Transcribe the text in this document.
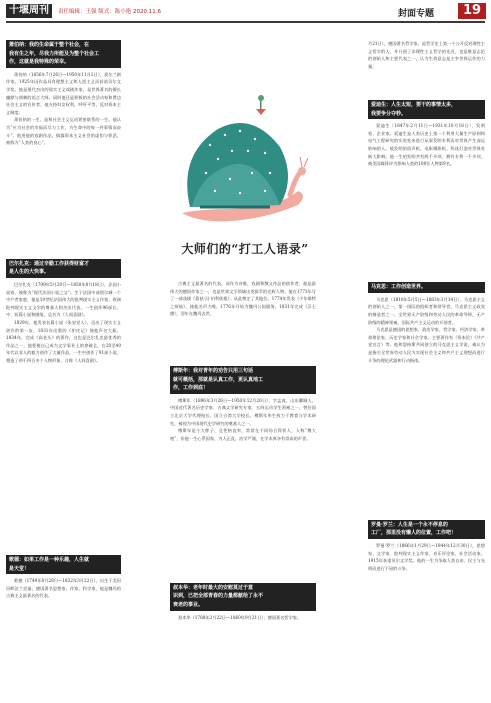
十堰周刊	责任编辑：王强 版式：陈小艳 2020.11.6	封面专题	19
大师们的“打工人语录”
萧伯纳：我的生命属于整个社会，在
我有生之年，尽我力所能及为整个社会工
作，这就是我特殊的荣幸。

萧伯纳（1856年7月26日—1950年11月2日），爱尔兰剧作家。1925年因作品具有理想主义和人道主义而获诺贝尔文学奖。他是现代杰出的现实主义戏剧作家，是世界著名的擅长幽默与讽刺的语言大师。同时他还是积极的社会活动家和费边社会主义的宣传者。他支持妇女权利，呼吁平等，反对资本主义制度。

萧伯纳的一生，是和社会主义运动紧密联系的一生。他认为“应为社会的幸福而尽力工作，为生命中的每一件事情而奋斗”。他用他的戏剧作品，揭露资本主义社会的虚伪与罪恶，被称为“人类的良心”。

巴尔扎克：通过辛勤工作获得财富才
是人生的大快事。

巴尔扎克（1799年5月20日—1850年8月18日），法国小说家，被称为“现代法国小说之父”。生于法国中部图尔城一个中产者家庭，他是19世纪法国伟大的批判现实主义作家，欧洲批判现实主义文学的奠基人和杰出代表。一生创作96部长、中、短篇小说和随笔，总名为《人间喜剧》。

1829年，他发表长篇小说《朱安党人》，迈出了现实主义创作的第一步，1831年出版的《驴皮记》使他声名大振。1834年，完成《高老头》的著作，这也是巴尔扎克最优秀的作品之一。他要使自己成为文学事业上的拿破仑，在20至40年代以非人的毅力创作了大量作品，一生中创作了91部小说，塑造了两千四百多个人物形象，合称《人间喜剧》。

歌德：如果工作是一种乐趣，人生就
是天堂！

歌德（1749年8月28日—1832年3月22日），出生于美因河畔法兰克福，德国著名思想家、作家、科学家，他是魏玛的古典主义最著名的代表。

古典主义最著名的代表。而作为诗歌、戏剧和散文作品的创作者，他是最伟大的德国作家之一，也是世界文学领域出类拔萃的光辉人物。他在1773年写了一部戏剧《葛兹·冯·伯利欣根》，从此奠定了其地位。1774年发表《少年维特之烦恼》，使他名声大噪。1776年开始为魏玛公国服务。1831年完成《浮士德》，翌年在魏玛去世。

傅斯年：我对青年的劝告只用三句话
就可概括，那就是认真工作，更认真地工
作，工作到底！

傅斯年（1896年3月26日—1950年12月20日），字孟真，山东聊城人，中国近代著名历史学家、古典文学研究专家、五四运动学生领袖之一。曾任国立北京大学代理校长、国立台湾大学校长。傅斯年毕生致力于教育与学术研究，被视为中国现代史学研究的奠基人之一。

傅斯年是个大胖子，且性格直率，常常在不同场合得罪人，人称“傅大炮”，但他一生心系国家，为人正直，治学严谨，在学术界享有崇高的声誉。

叔本华：老年时最大的安慰莫过于意
识到，已把全部青春的力量都献给了永不
衰老的事业。

叔本华（1788年2月22日—1860年9月21日），德国著名哲学家。

月21日），德国著名哲学家。是哲学史上第一个公开反对理性主义哲学的人，并开创了非理性主义哲学的先河，也是唯意志论的创始人和主要代表之一，认为生命意志是主宰世界运作的力量。

爱迪生：人生太短，要干的事情太多，
我要争分夺秒。

爱迪生（1847年2月11日—1931年10月18日），发明家、企业家。爱迪生是人类历史上第一个利用大量生产原则和电气工程研究的实验室来进行从事发明专利而对世界产生深远影响的人。他发明的留声机、电影摄影机、钨丝灯泡对世界有极大影响。他一生的发明共有两千多项，拥有专利一千多项，被美国媒体评为影响人类的100位人物第9名。

马克思：工作创造世界。

马克思（1818年5月5日—1883年3月14日），马克思主义的创始人之一，第一国际的组织者和领导者，马克思主义政党的缔造者之一，全世界无产阶级和劳动人民的革命导师，无产阶级的精神领袖，国际共产主义运动的开创者。

马克思是德国的思想家、政治学家、哲学家、经济学家、革命理论家、历史学家和社会学家。主要著作有《资本论》《共产党宣言》等。他和恩格斯共同创立的马克思主义学说，被认为是指引全世界劳动人民为实现社会主义和共产主义理想而进行斗争的理论武器和行动指南。

罗曼·罗兰：人生是一个永不停息的
工厂，那里没有懒人的位置，工作吧！

罗曼·罗兰（1866年1月29日—1944年12月30日），思想家、文学家、批判现实主义作家、音乐评论家、社会活动家。1915年获诺贝尔文学奖。他的一生为争取人类自由、民主与光明而进行不屈的斗争。
